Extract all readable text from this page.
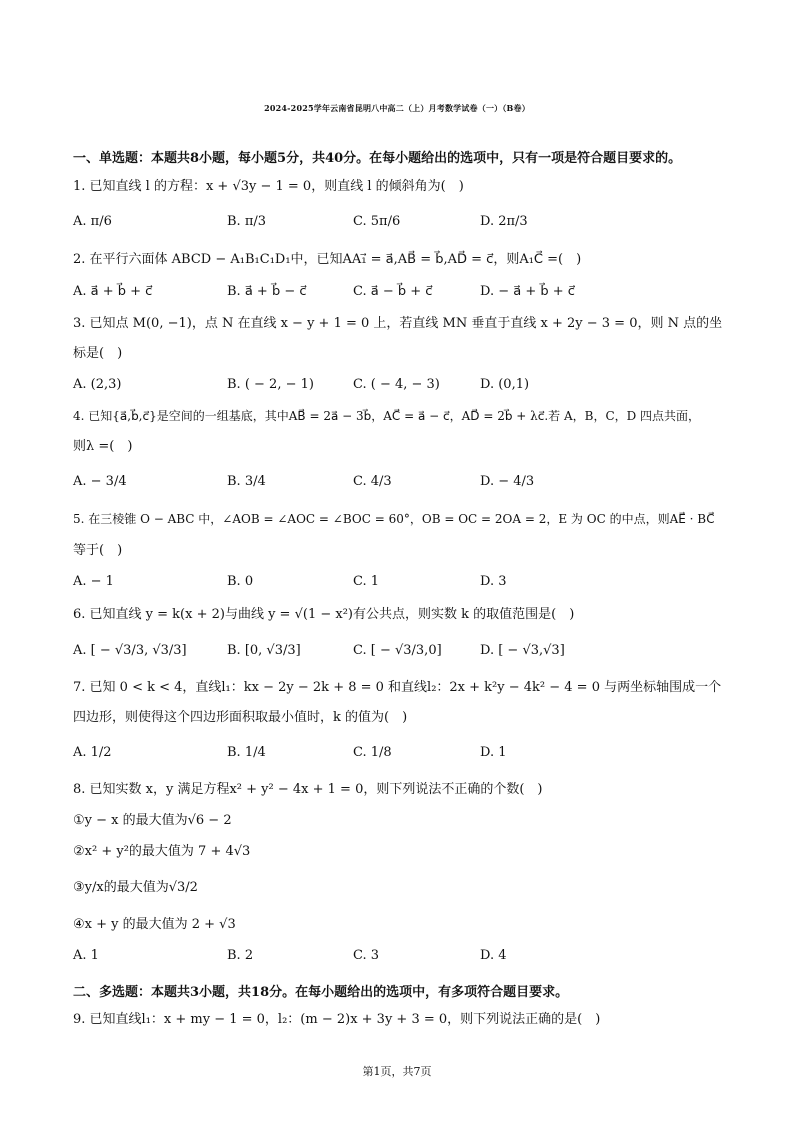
2024-2025学年云南省昆明八中高二（上）月考数学试卷（一）（B卷）
一、单选题：本题共8小题，每小题5分，共40分。在每小题给出的选项中，只有一项是符合题目要求的。
1. 已知直线 l 的方程：x + √3y − 1 = 0，则直线 l 的倾斜角为(　)
A. π/6	B. π/3	C. 5π/6	D. 2π/3
2. 在平行六面体 ABCD − A₁B₁C₁D₁中，已知AA₁⃗ = a⃗,AB⃗ = b⃗,AD⃗ = c⃗，则A₁C⃗ =(　)
A. a⃗ + b⃗ + c⃗	B. a⃗ + b⃗ − c⃗	C. a⃗ − b⃗ + c⃗	D. − a⃗ + b⃗ + c⃗
3. 已知点 M(0, −1)，点 N 在直线 x − y + 1 = 0 上，若直线 MN 垂直于直线 x + 2y − 3 = 0，则 N 点的坐
标是(　)
A. (2,3)	B. ( − 2, − 1)	C. ( − 4, − 3)	D. (0,1)
4. 已知{a⃗,b⃗,c⃗}是空间的一组基底，其中AB⃗ = 2a⃗ − 3b⃗，AC⃗ = a⃗ − c⃗，AD⃗ = 2b⃗ + λc⃗.若 A，B，C，D 四点共面，
则λ =(　)
A. − 3/4	B. 3/4	C. 4/3	D. − 4/3
5. 在三棱锥 O − ABC 中，∠AOB = ∠AOC = ∠BOC = 60°，OB = OC = 2OA = 2，E 为 OC 的中点，则AE⃗ · BC⃗
等于(　)
A. − 1	B. 0	C. 1	D. 3
6. 已知直线 y = k(x + 2)与曲线 y = √(1 − x²)有公共点，则实数 k 的取值范围是(　)
A. [ − √3/3, √3/3]	B. [0, √3/3]	C. [ − √3/3,0]	D. [ − √3,√3]
7. 已知 0 < k < 4，直线l₁：kx − 2y − 2k + 8 = 0 和直线l₂：2x + k²y − 4k² − 4 = 0 与两坐标轴围成一个
四边形，则使得这个四边形面积取最小值时，k 的值为(　)
A. 1/2	B. 1/4	C. 1/8	D. 1
8. 已知实数 x，y 满足方程x² + y² − 4x + 1 = 0，则下列说法不正确的个数(　)
①y − x 的最大值为√6 − 2
②x² + y²的最大值为 7 + 4√3
③y/x的最大值为√3/2
④x + y 的最大值为 2 + √3
A. 1	B. 2	C. 3	D. 4
二、多选题：本题共3小题，共18分。在每小题给出的选项中，有多项符合题目要求。
9. 已知直线l₁：x + my − 1 = 0，l₂：(m − 2)x + 3y + 3 = 0，则下列说法正确的是(　)
第1页，共7页
